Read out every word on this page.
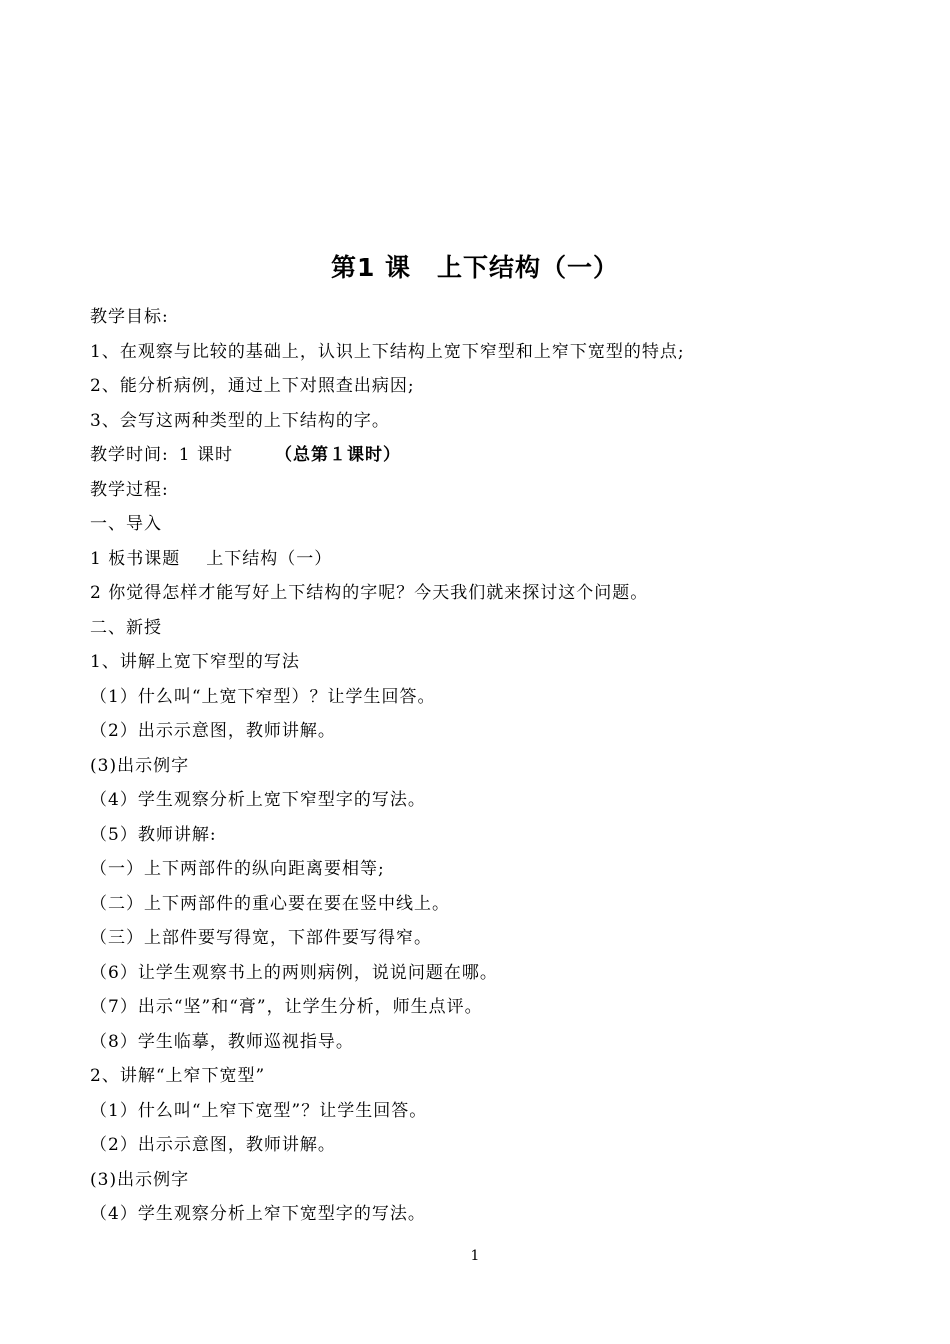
第1 课　上下结构（一）
教学目标:
1、在观察与比较的基础上，认识上下结构上宽下窄型和上窄下宽型的特点;
2、能分析病例，通过上下对照查出病因;
3、会写这两种类型的上下结构的字。
教学时间: 1 课时 （总第１课时）
教学过程:
一、导入
1 板书课题 上下结构（一）
2 你觉得怎样才能写好上下结构的字呢？今天我们就来探讨这个问题。
二、新授
1、讲解上宽下窄型的写法
（1）什么叫“上宽下窄型）？让学生回答。
（2）出示示意图，教师讲解。
(3)出示例字
（4）学生观察分析上宽下窄型字的写法。
（5）教师讲解:
（一）上下两部件的纵向距离要相等;
（二）上下两部件的重心要在要在竖中线上。
（三）上部件要写得宽，下部件要写得窄。
（6）让学生观察书上的两则病例，说说问题在哪。
（7）出示“坚”和“膏”，让学生分析，师生点评。
（8）学生临摹，教师巡视指导。
2、讲解“上窄下宽型”
（1）什么叫“上窄下宽型”？让学生回答。
（2）出示示意图，教师讲解。
(3)出示例字
（4）学生观察分析上窄下宽型字的写法。
1
